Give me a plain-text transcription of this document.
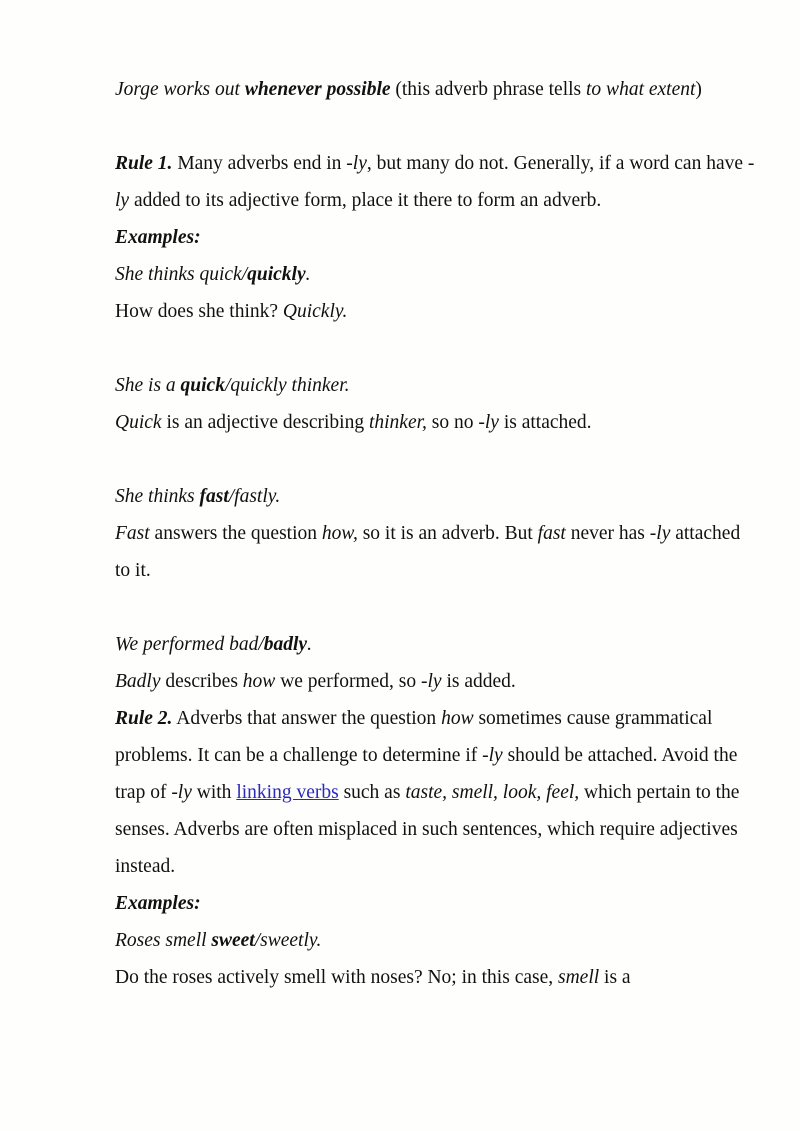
Jorge works out whenever possible (this adverb phrase tells to what extent)
Rule 1. Many adverbs end in -ly, but many do not. Generally, if a word can have -ly added to its adjective form, place it there to form an adverb.
Examples:
She thinks quick/quickly.
How does she think? Quickly.
She is a quick/quickly thinker.
Quick is an adjective describing thinker, so no -ly is attached.
She thinks fast/fastly.
Fast answers the question how, so it is an adverb. But fast never has -ly attached to it.
We performed bad/badly.
Badly describes how we performed, so -ly is added.
Rule 2. Adverbs that answer the question how sometimes cause grammatical problems. It can be a challenge to determine if -ly should be attached. Avoid the trap of -ly with linking verbs such as taste, smell, look, feel, which pertain to the senses. Adverbs are often misplaced in such sentences, which require adjectives instead.
Examples:
Roses smell sweet/sweetly.
Do the roses actively smell with noses? No; in this case, smell is a
